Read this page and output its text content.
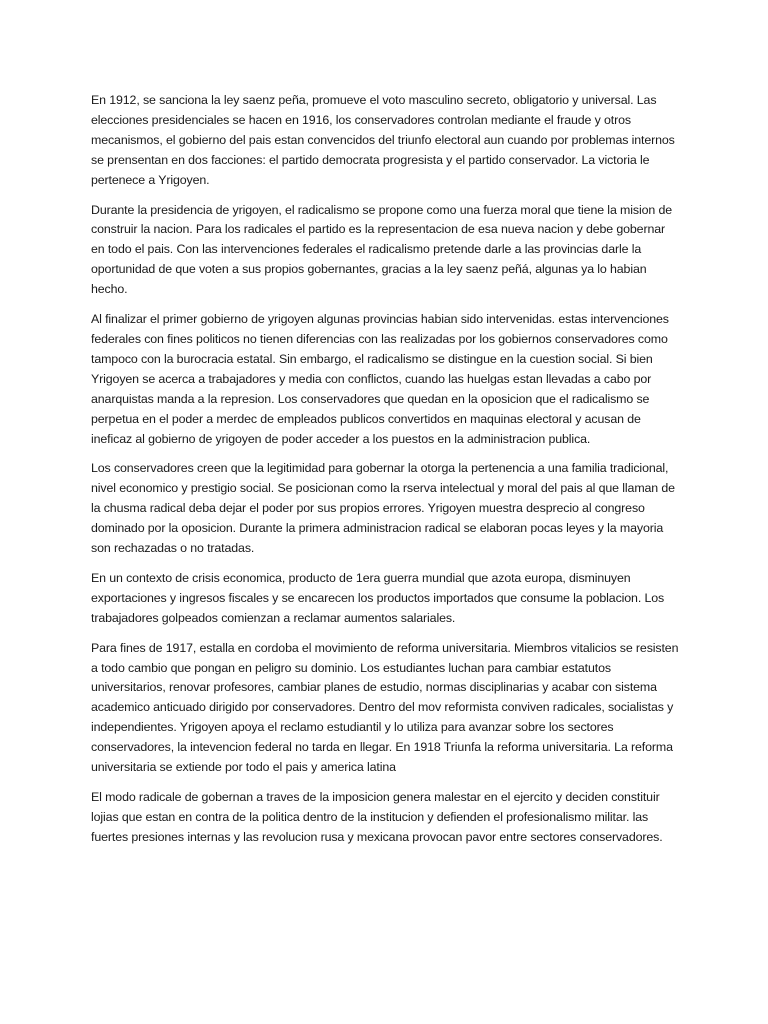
En 1912, se sanciona la ley saenz peña, promueve el voto masculino secreto, obligatorio y universal. Las elecciones presidenciales se hacen en 1916, los conservadores controlan mediante el fraude y otros mecanismos, el gobierno del pais estan convencidos del triunfo electoral aun cuando por problemas internos se prensentan en dos facciones: el partido democrata progresista y el partido conservador. La victoria le pertenece a Yrigoyen.

Durante la presidencia de yrigoyen, el radicalismo se propone como una fuerza moral que tiene la mision de construir la nacion. Para los radicales el partido es la representacion de esa nueva nacion y debe gobernar en todo el pais. Con las intervenciones federales el radicalismo pretende darle a las provincias darle la oportunidad de que voten a sus propios gobernantes, gracias a la ley saenz peñá, algunas ya lo habian hecho.

Al finalizar el primer gobierno de yrigoyen algunas provincias habian sido intervenidas. estas intervenciones federales con fines politicos no tienen diferencias con las realizadas por los gobiernos conservadores como tampoco con la burocracia estatal. Sin embargo, el radicalismo se distingue en la cuestion social. Si bien Yrigoyen se acerca a trabajadores y media con conflictos, cuando las huelgas estan llevadas a cabo por anarquistas manda a la represion. Los conservadores que quedan en la oposicion que el radicalismo se perpetua en el poder a merdec de empleados publicos convertidos en maquinas electoral y acusan de ineficaz al gobierno de yrigoyen de poder acceder a los puestos en la administracion publica.

Los conservadores creen que la legitimidad para gobernar la otorga la pertenencia a una familia tradicional, nivel economico y prestigio social. Se posicionan como la rserva intelectual y moral del pais al que llaman de la chusma radical deba dejar el poder por sus propios errores. Yrigoyen muestra desprecio al congreso dominado por la oposicion. Durante la primera administracion radical se elaboran pocas leyes y la mayoria son rechazadas o no tratadas.

En un contexto de crisis economica, producto de 1era guerra mundial que azota europa, disminuyen exportaciones y ingresos fiscales y se encarecen los productos importados que consume la poblacion. Los trabajadores golpeados comienzan a reclamar aumentos salariales.

Para fines de 1917, estalla en cordoba el movimiento de reforma universitaria. Miembros vitalicios se resisten a todo cambio que pongan en peligro su dominio. Los estudiantes luchan para cambiar estatutos universitarios, renovar profesores, cambiar planes de estudio, normas disciplinarias y acabar con sistema academico anticuado dirigido por conservadores. Dentro del mov reformista conviven radicales, socialistas y independientes. Yrigoyen apoya el reclamo estudiantil y lo utiliza para avanzar sobre los sectores conservadores, la intevencion federal no tarda en llegar. En 1918 Triunfa la reforma universitaria. La reforma universitaria se extiende por todo el pais y america latina

El modo radicale de gobernan a traves de la imposicion genera malestar en el ejercito y deciden constituir lojias que estan en contra de la politica dentro de la institucion y defienden el profesionalismo militar. las fuertes presiones internas y las revolucion rusa y mexicana provocan pavor entre sectores conservadores.
